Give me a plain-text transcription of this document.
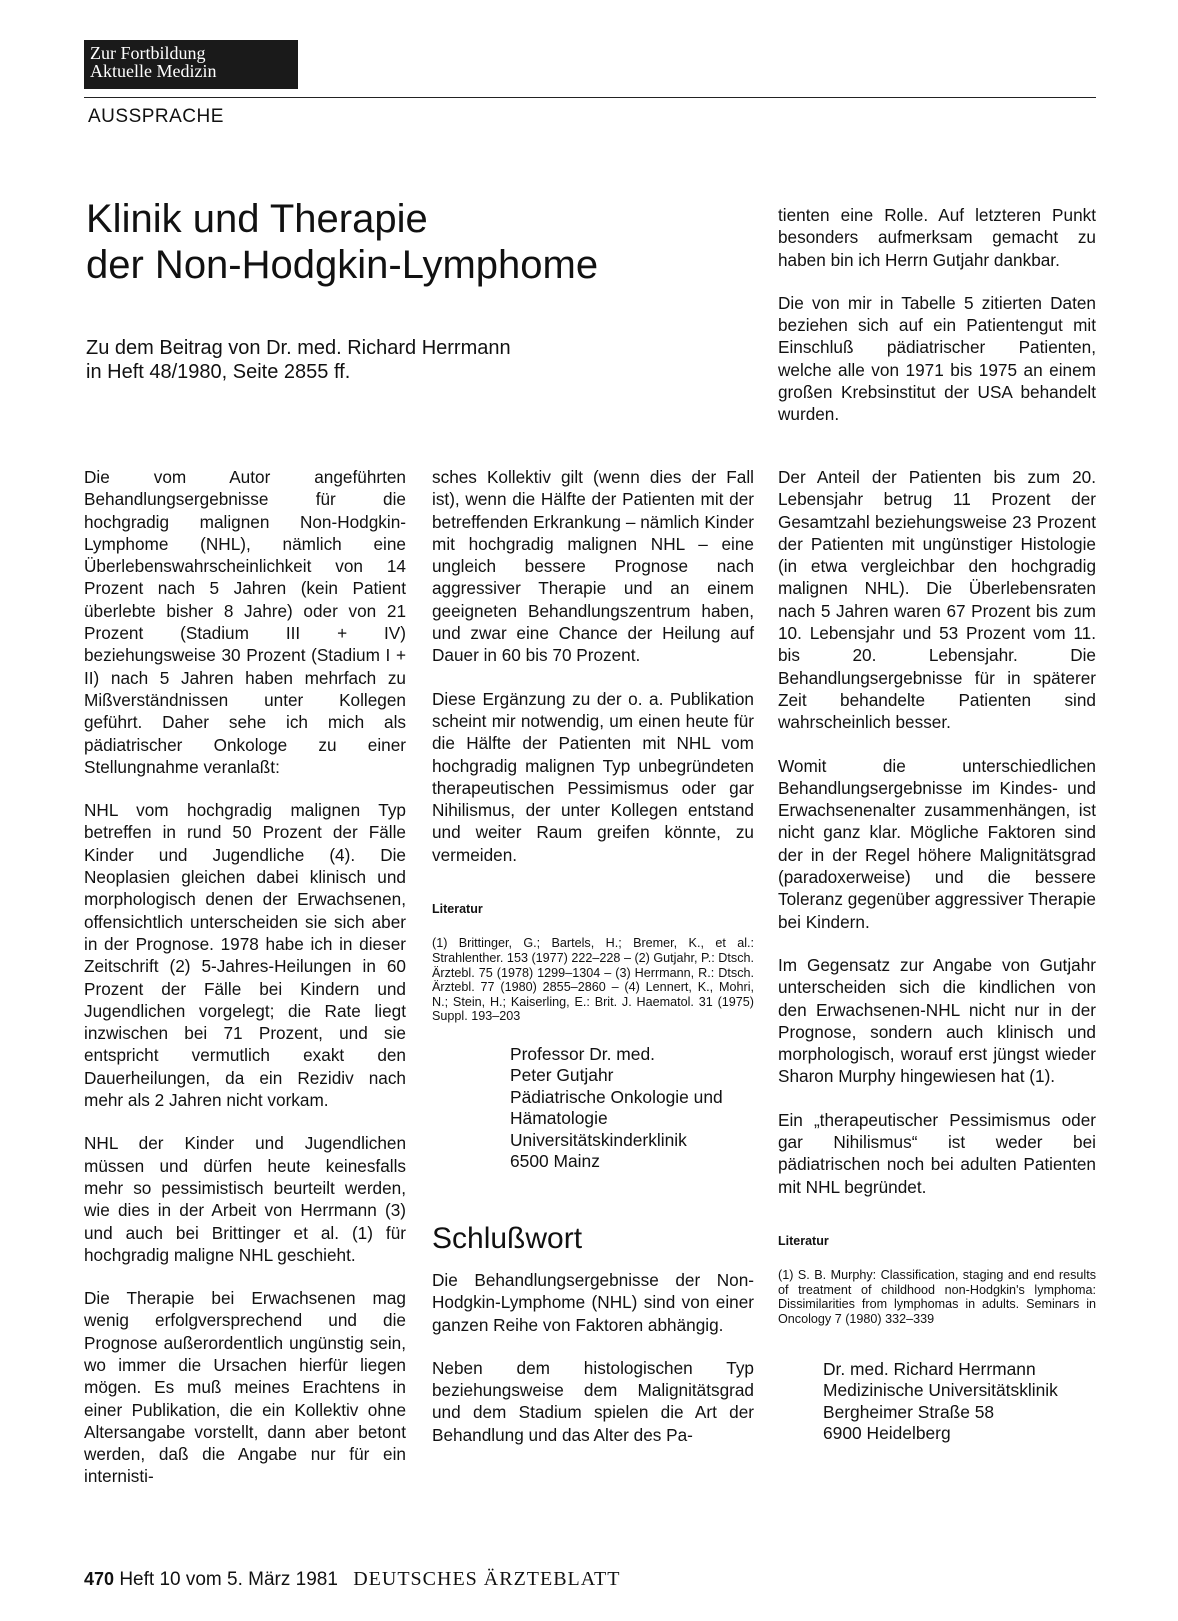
Zur Fortbildung
Aktuelle Medizin
AUSSPRACHE
Klinik und Therapie
der Non-Hodgkin-Lymphome
Zu dem Beitrag von Dr. med. Richard Herrmann
in Heft 48/1980, Seite 2855 ff.

tienten eine Rolle. Auf letzteren Punkt besonders aufmerksam gemacht zu haben bin ich Herrn Gutjahr dankbar.

Die von mir in Tabelle 5 zitierten Daten beziehen sich auf ein Patientengut mit Einschluß pädiatrischer Patienten, welche alle von 1971 bis 1975 an einem großen Krebsinstitut der USA behandelt wurden.

Die vom Autor angeführten Behandlungsergebnisse für die hochgradig malignen Non-Hodgkin-Lymphome (NHL), nämlich eine Überlebenswahrscheinlichkeit von 14 Prozent nach 5 Jahren (kein Patient überlebte bisher 8 Jahre) oder von 21 Prozent (Stadium III + IV) beziehungsweise 30 Prozent (Stadium I + II) nach 5 Jahren haben mehrfach zu Mißverständnissen unter Kollegen geführt. Daher sehe ich mich als pädiatrischer Onkologe zu einer Stellungnahme veranlaßt:

NHL vom hochgradig malignen Typ betreffen in rund 50 Prozent der Fälle Kinder und Jugendliche (4). Die Neoplasien gleichen dabei klinisch und morphologisch denen der Erwachsenen, offensichtlich unterscheiden sie sich aber in der Prognose. 1978 habe ich in dieser Zeitschrift (2) 5-Jahres-Heilungen in 60 Prozent der Fälle bei Kindern und Jugendlichen vorgelegt; die Rate liegt inzwischen bei 71 Prozent, und sie entspricht vermutlich exakt den Dauerheilungen, da ein Rezidiv nach mehr als 2 Jahren nicht vorkam.

NHL der Kinder und Jugendlichen müssen und dürfen heute keinesfalls mehr so pessimistisch beurteilt werden, wie dies in der Arbeit von Herrmann (3) und auch bei Brittinger et al. (1) für hochgradig maligne NHL geschieht.

Die Therapie bei Erwachsenen mag wenig erfolgversprechend und die Prognose außerordentlich ungünstig sein, wo immer die Ursachen hierfür liegen mögen. Es muß meines Erachtens in einer Publikation, die ein Kollektiv ohne Altersangabe vorstellt, dann aber betont werden, daß die Angabe nur für ein internisti-

sches Kollektiv gilt (wenn dies der Fall ist), wenn die Hälfte der Patienten mit der betreffenden Erkrankung – nämlich Kinder mit hochgradig malignen NHL – eine ungleich bessere Prognose nach aggressiver Therapie und an einem geeigneten Behandlungszentrum haben, und zwar eine Chance der Heilung auf Dauer in 60 bis 70 Prozent.

Diese Ergänzung zu der o. a. Publikation scheint mir notwendig, um einen heute für die Hälfte der Patienten mit NHL vom hochgradig malignen Typ unbegründeten therapeutischen Pessimismus oder gar Nihilismus, der unter Kollegen entstand und weiter Raum greifen könnte, zu vermeiden.

Literatur
(1) Brittinger, G.; Bartels, H.; Bremer, K., et al.: Strahlenther. 153 (1977) 222–228 – (2) Gutjahr, P.: Dtsch. Ärztebl. 75 (1978) 1299–1304 – (3) Herrmann, R.: Dtsch. Ärztebl. 77 (1980) 2855–2860 – (4) Lennert, K., Mohri, N.; Stein, H.; Kaiserling, E.: Brit. J. Haematol. 31 (1975) Suppl. 193–203
Professor Dr. med.
Peter Gutjahr
Pädiatrische Onkologie und
Hämatologie
Universitätskinderklinik
6500 Mainz
Schlußwort

Die Behandlungsergebnisse der Non-Hodgkin-Lymphome (NHL) sind von einer ganzen Reihe von Faktoren abhängig.

Neben dem histologischen Typ beziehungsweise dem Malignitätsgrad und dem Stadium spielen die Art der Behandlung und das Alter des Pa-

Der Anteil der Patienten bis zum 20. Lebensjahr betrug 11 Prozent der Gesamtzahl beziehungsweise 23 Prozent der Patienten mit ungünstiger Histologie (in etwa vergleichbar den hochgradig malignen NHL). Die Überlebensraten nach 5 Jahren waren 67 Prozent bis zum 10. Lebensjahr und 53 Prozent vom 11. bis 20. Lebensjahr. Die Behandlungsergebnisse für in späterer Zeit behandelte Patienten sind wahrscheinlich besser.

Womit die unterschiedlichen Behandlungsergebnisse im Kindes- und Erwachsenenalter zusammenhängen, ist nicht ganz klar. Mögliche Faktoren sind der in der Regel höhere Malignitätsgrad (paradoxerweise) und die bessere Toleranz gegenüber aggressiver Therapie bei Kindern.

Im Gegensatz zur Angabe von Gutjahr unterscheiden sich die kindlichen von den Erwachsenen-NHL nicht nur in der Prognose, sondern auch klinisch und morphologisch, worauf erst jüngst wieder Sharon Murphy hingewiesen hat (1).

Ein „therapeutischer Pessimismus oder gar Nihilismus“ ist weder bei pädiatrischen noch bei adulten Patienten mit NHL begründet.

Literatur
(1) S. B. Murphy: Classification, staging and end results of treatment of childhood non-Hodgkin's lymphoma: Dissimilarities from lymphomas in adults. Seminars in Oncology 7 (1980) 332–339
Dr. med. Richard Herrmann
Medizinische Universitätsklinik
Bergheimer Straße 58
6900 Heidelberg
470 Heft 10 vom 5. März 1981 DEUTSCHES ÄRZTEBLATT
